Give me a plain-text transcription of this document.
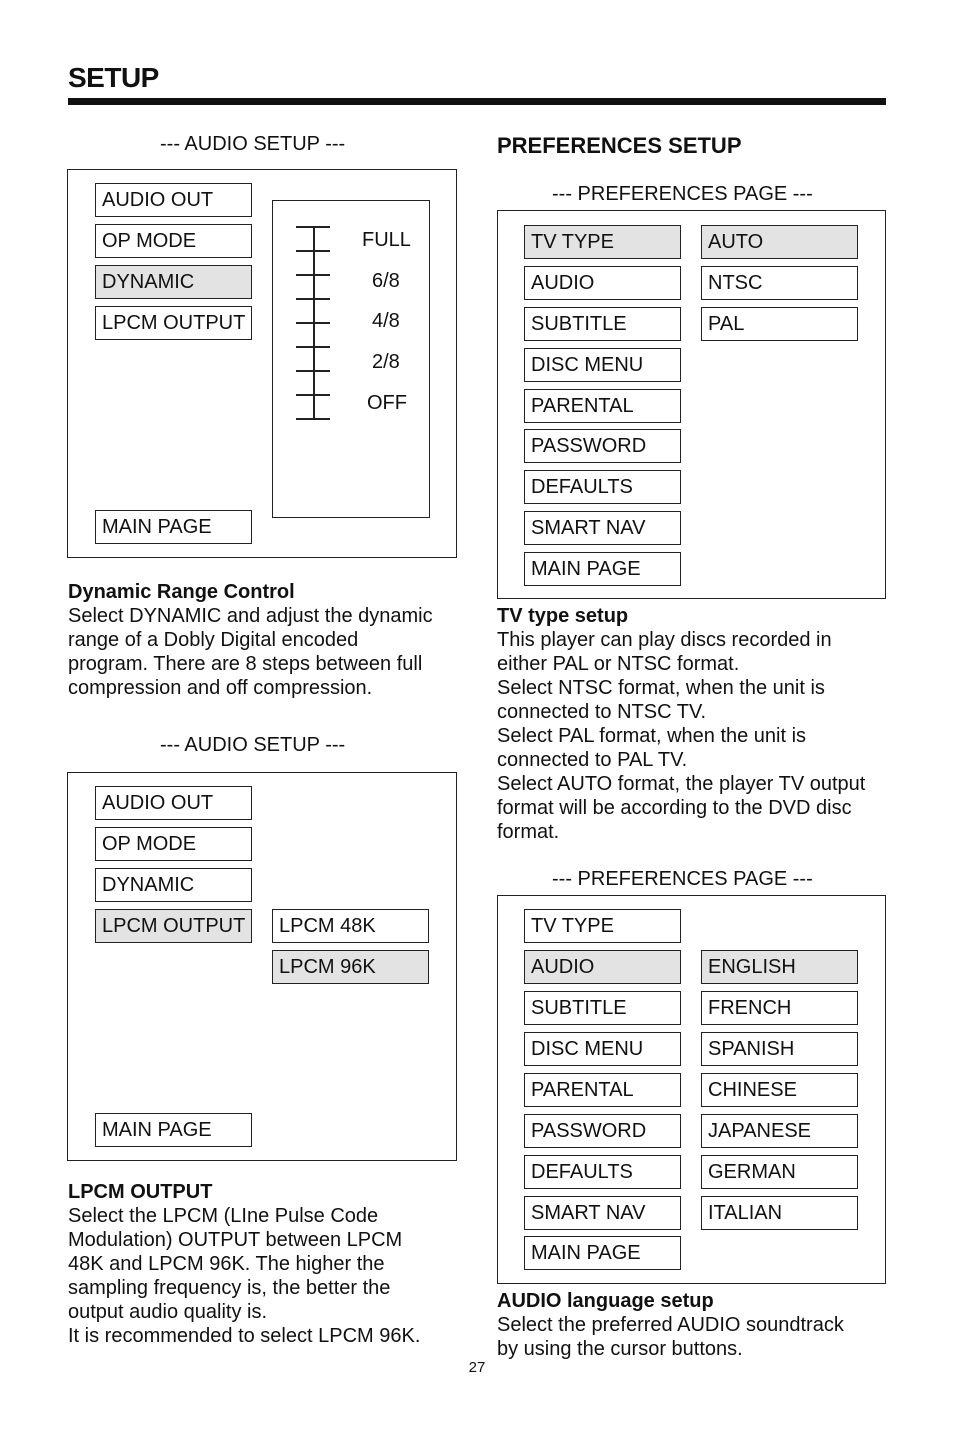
SETUP
--- AUDIO SETUP ---
AUDIO OUT
OP MODE
DYNAMIC
LPCM OUTPUT
MAIN PAGE
FULL
6/8
4/8
2/8
OFF
Dynamic Range Control
Select DYNAMIC and adjust the dynamic
range of a Dobly Digital encoded
program. There are 8 steps between full
compression and off compression.
--- AUDIO SETUP ---
AUDIO OUT
OP MODE
DYNAMIC
LPCM OUTPUT	LPCM 48K
LPCM 96K
MAIN PAGE
LPCM OUTPUT
Select the LPCM (LIne Pulse Code
Modulation) OUTPUT between LPCM
48K and LPCM 96K. The higher the
sampling frequency is, the better the
output audio quality is.
It is recommended to select LPCM 96K.
PREFERENCES SETUP
--- PREFERENCES PAGE ---
TV TYPE
AUDIO
SUBTITLE
DISC MENU
PARENTAL
PASSWORD
DEFAULTS
SMART NAV
MAIN PAGE
AUTO
NTSC
PAL
TV type setup
This player can play discs recorded in
either PAL or NTSC format.
Select NTSC format, when the unit is
connected to NTSC TV.
Select PAL format, when the unit is
connected to PAL TV.
Select AUTO format, the player TV output
format will be according to the DVD disc
format.
--- PREFERENCES PAGE ---
TV TYPE
AUDIO
SUBTITLE
DISC MENU
PARENTAL
PASSWORD
DEFAULTS
SMART NAV
MAIN PAGE
ENGLISH
FRENCH
SPANISH
CHINESE
JAPANESE
GERMAN
ITALIAN
AUDIO language setup
Select the preferred AUDIO soundtrack
by using the cursor buttons.
27
